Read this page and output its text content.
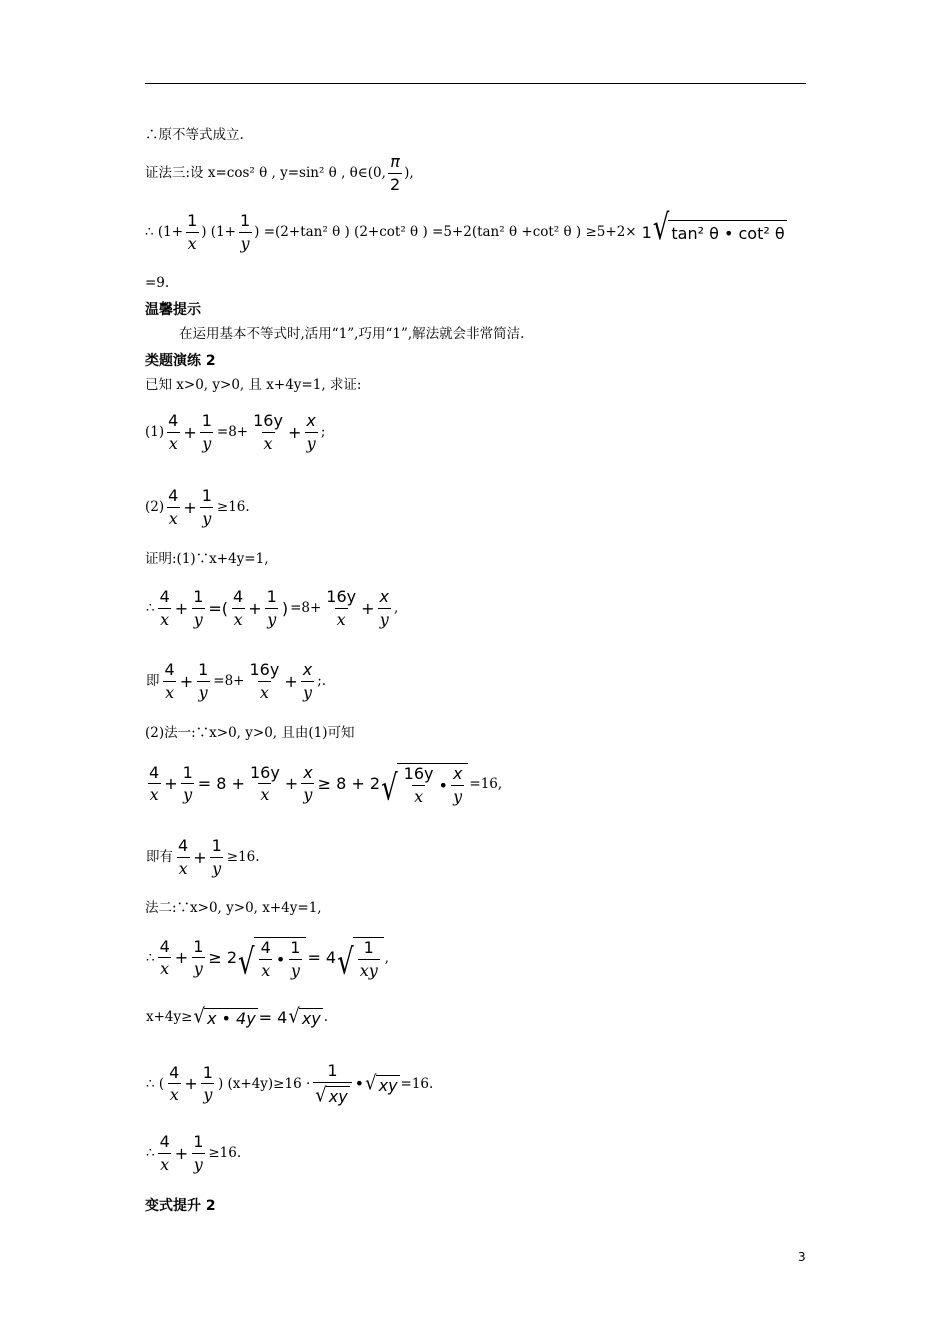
∴原不等式成立.
证法三:设 x=cos² θ , y=sin² θ , θ∈(0, $\frac{\pi}{2}$ ),
∴ ($1+ \frac{1}{x}$ ) ($1+ \frac{1}{y}$ ) =(2+tan² θ ) (2+cot² θ ) =5+2(tan² θ +cot² θ ) ≥5+2× 1 √ tan² θ • cot² θ
=9.
温馨提示
在运用基本不等式时,活用“1”,巧用“1”,解法就会非常简洁.
类题演练 2
已知 x>0, y>0, 且 x+4y=1, 求证:
$(1) \frac{4}{x} + \frac{1}{y} =8+ \frac{16y}{x} + \frac{x}{y}$ ;
$(2) \frac{4}{x} + \frac{1}{y} \ge 16$.
证明:(1)∵x+4y=1,
∴ $\frac{4}{x} + \frac{1}{y}$ =( $\frac{4}{x} + \frac{1}{y}$ ) $=8+ \frac{16y}{x} + \frac{x}{y}$ ,
即 $\frac{4}{x} + \frac{1}{y} =8+ \frac{16y}{x} + \frac{x}{y}$ ;.
(2)法一:∵x>0, y>0, 且由(1)可知
$\frac{4}{x} + \frac{1}{y} = 8 + \frac{16y}{x} + \frac{x}{y} \ge 8 + 2$ √ $\frac{16y}{x}$ • $\frac{x}{y} =16$,
即有 $\frac{4}{x} + \frac{1}{y} \ge 16$.
法二:∵x>0, y>0, x+4y=1,
∴ $\frac{4}{x} + \frac{1}{y} \ge 2$ √ $\frac{4}{x}$ • $\frac{1}{y} = 4$ √ $\frac{1}{xy}$ ,
x+4y≥ √ x • 4y = 4 √ xy .
∴ ( $\frac{4}{x} + \frac{1}{y}$ ) $(x+4y)\ge 16 \cdot \frac{1}{√ xy}$ • √ xy =16.
∴ $\frac{4}{x} + \frac{1}{y} \ge 16$.
变式提升 2
3
